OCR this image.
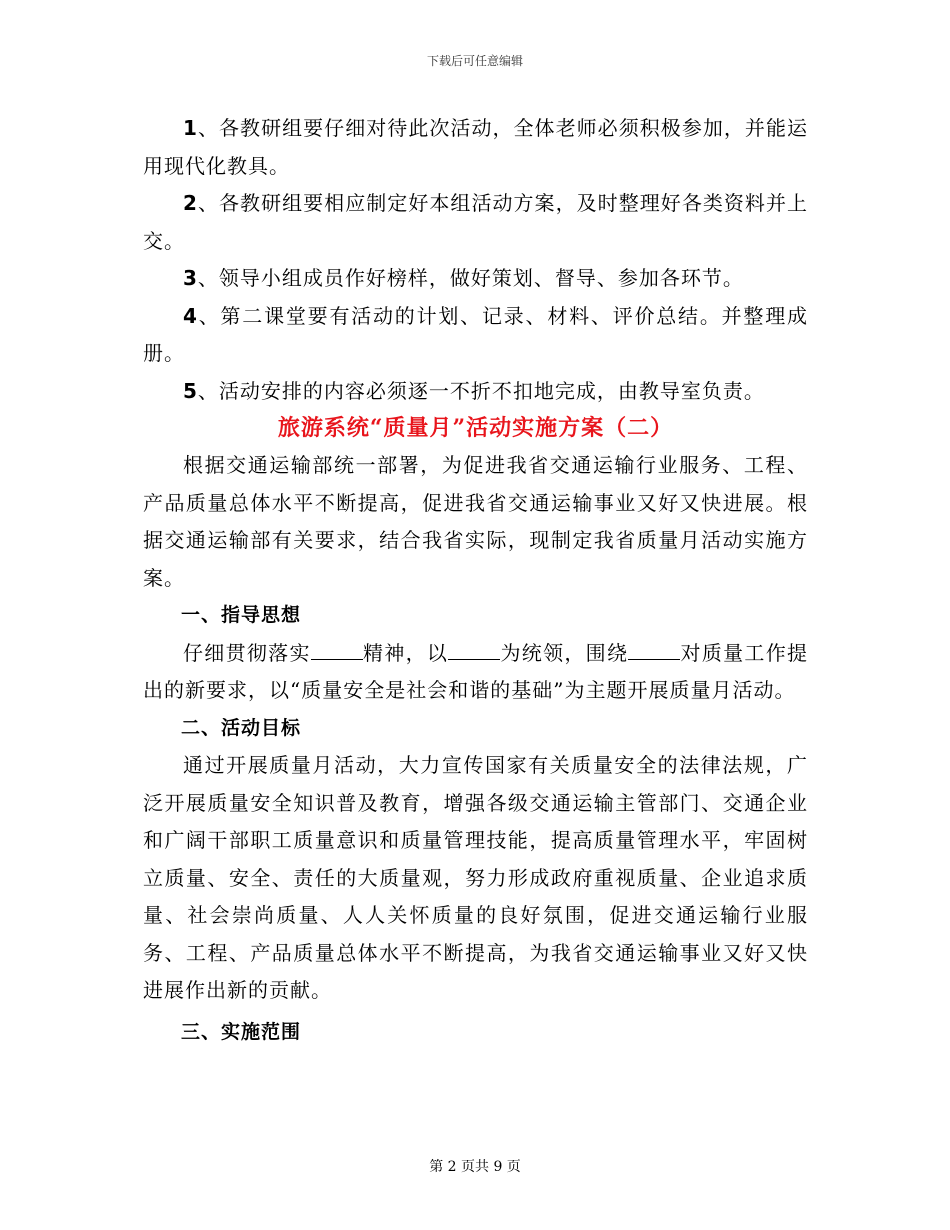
下载后可任意编辑

1、各教研组要仔细对待此次活动，全体老师必须积极参加，并能运用现代化教具。

2、各教研组要相应制定好本组活动方案，及时整理好各类资料并上交。

3、领导小组成员作好榜样，做好策划、督导、参加各环节。

4、第二课堂要有活动的计划、记录、材料、评价总结。并整理成册。

5、活动安排的内容必须逐一不折不扣地完成，由教导室负责。

旅游系统“质量月”活动实施方案（二）

根据交通运输部统一部署，为促进我省交通运输行业服务、工程、产品质量总体水平不断提高，促进我省交通运输事业又好又快进展。根据交通运输部有关要求，结合我省实际，现制定我省质量月活动实施方案。

一、指导思想

仔细贯彻落实	精神，以	为统领，围绕	对质量工作提出的新要求，以“质量安全是社会和谐的基础”为主题开展质量月活动。

二、活动目标

通过开展质量月活动，大力宣传国家有关质量安全的法律法规，广泛开展质量安全知识普及教育，增强各级交通运输主管部门、交通企业和广阔干部职工质量意识和质量管理技能，提高质量管理水平，牢固树立质量、安全、责任的大质量观，努力形成政府重视质量、企业追求质量、社会崇尚质量、人人关怀质量的良好氛围，促进交通运输行业服务、工程、产品质量总体水平不断提高，为我省交通运输事业又好又快进展作出新的贡献。

三、实施范围

第 2 页共 9 页
